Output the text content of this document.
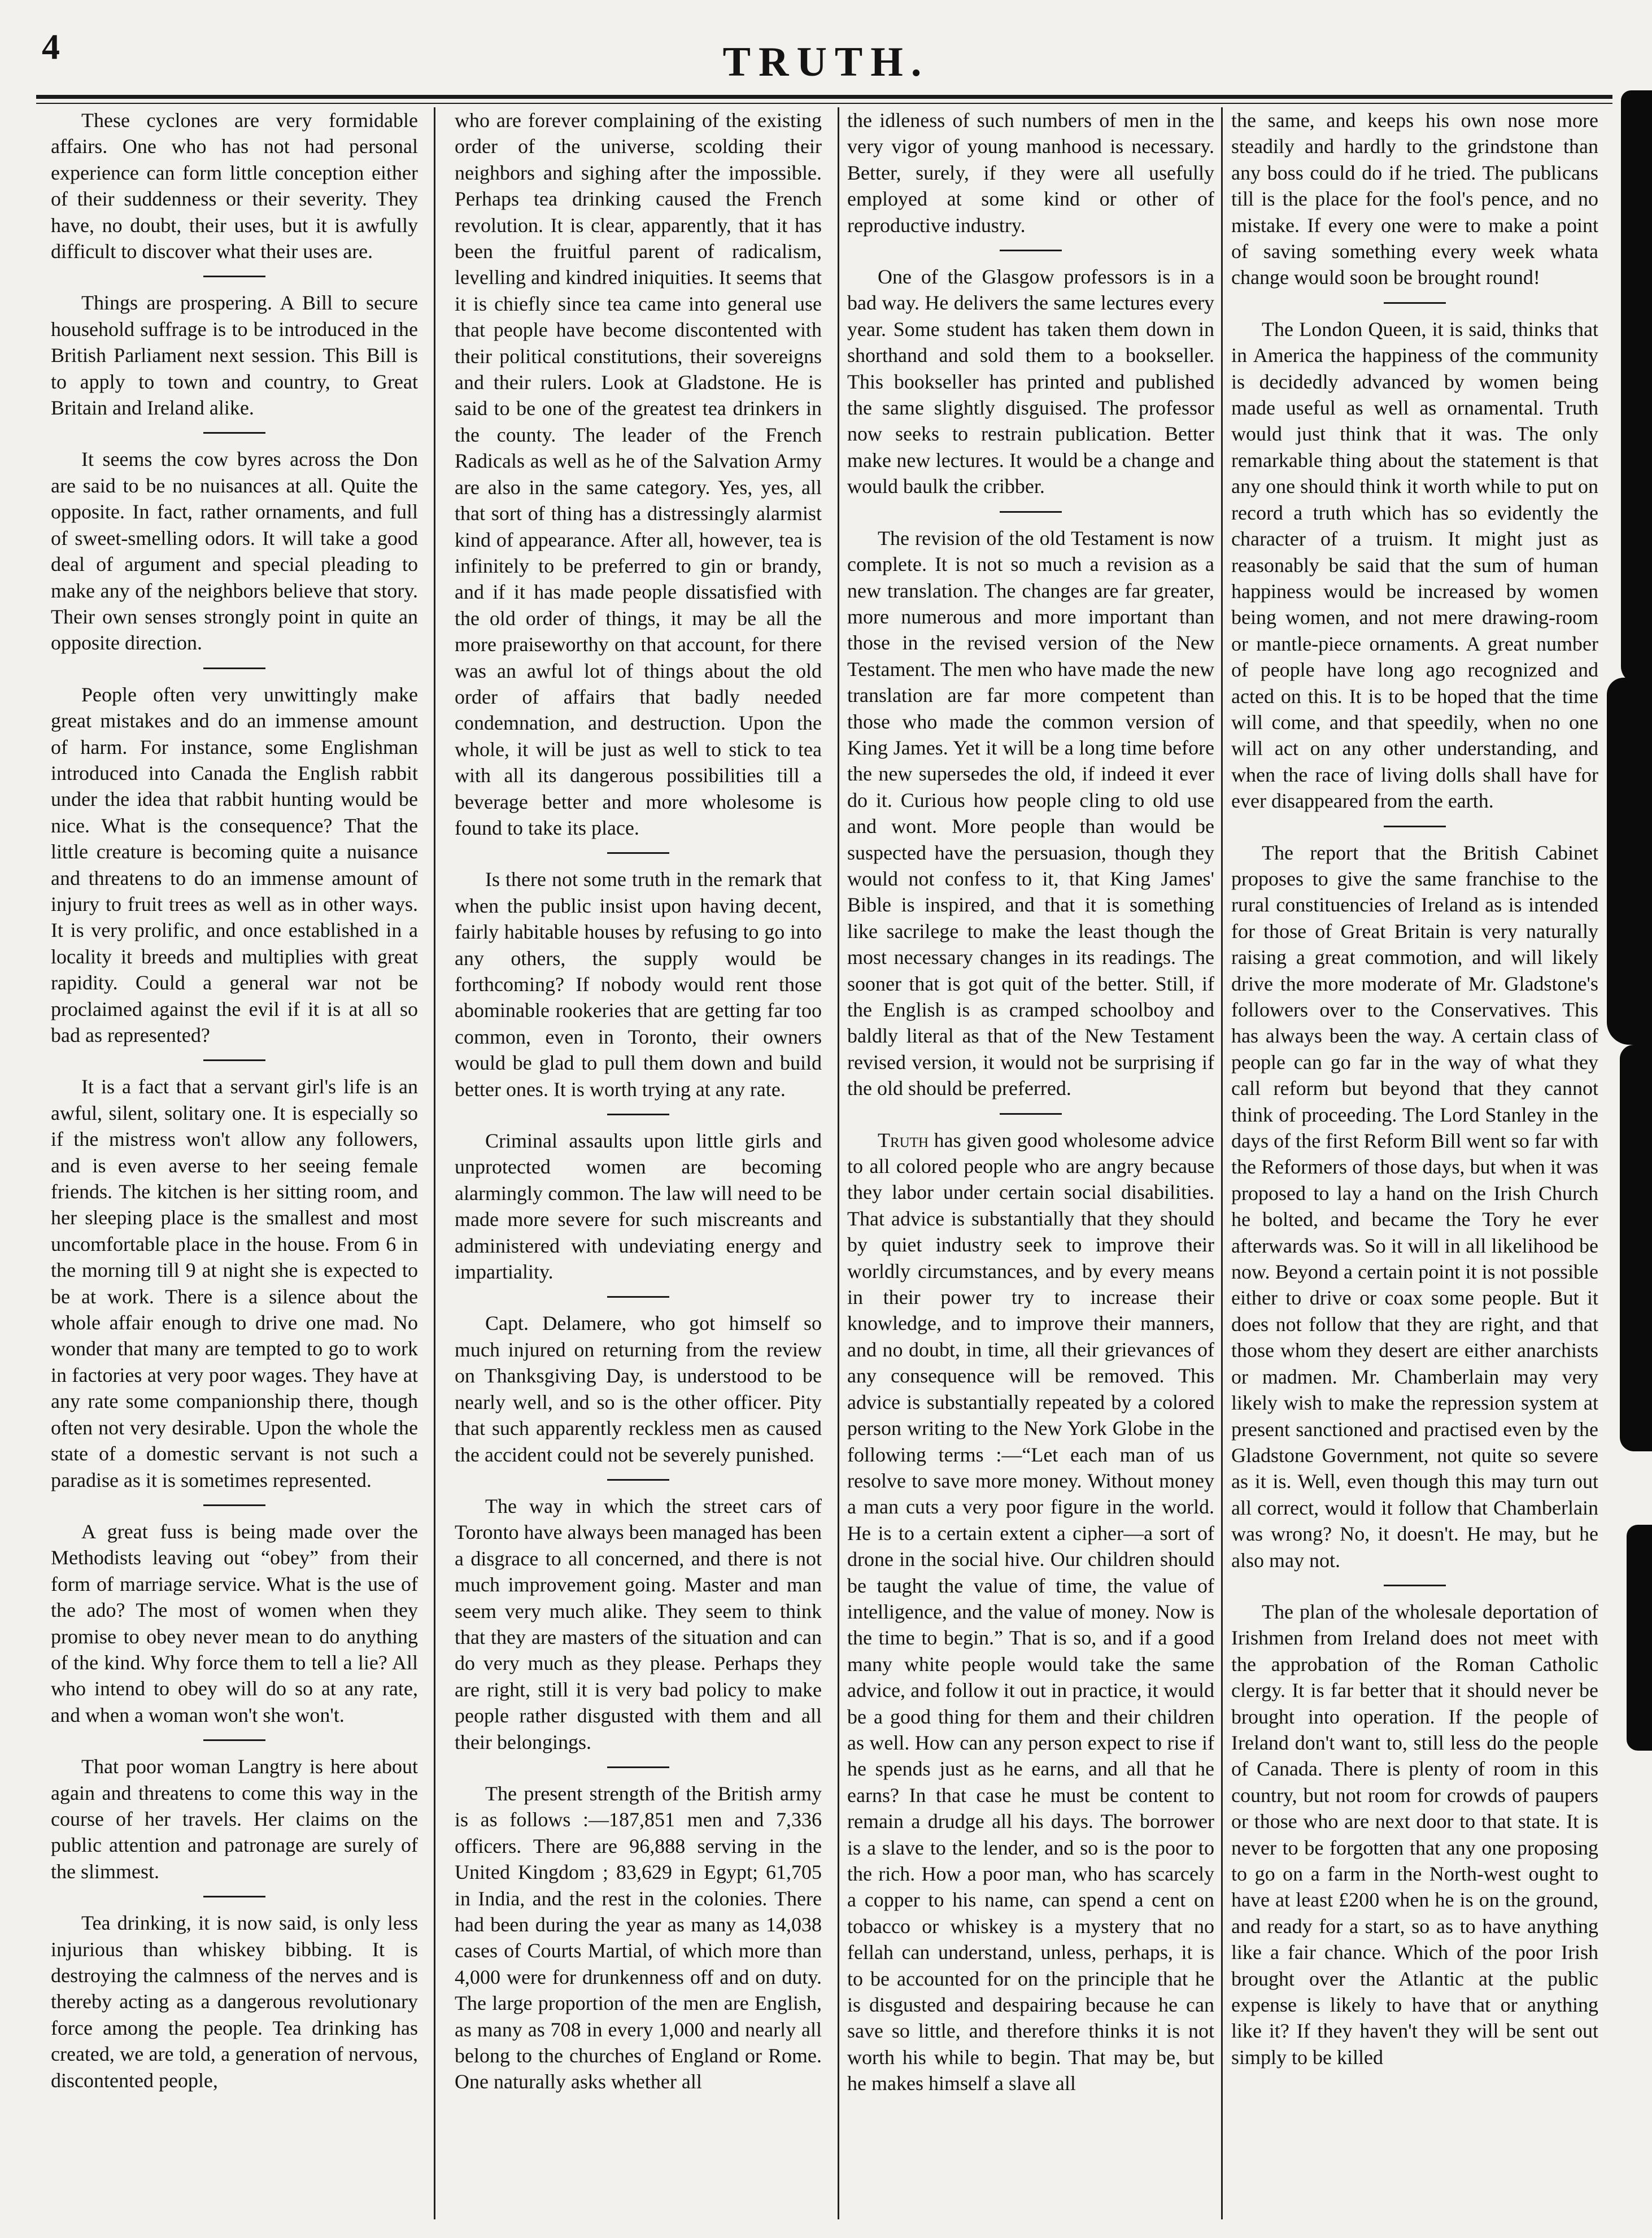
4	TRUTH.

These cyclones are very formidable affairs. One who has not had personal experience can form little conception either of their suddenness or their severity. They have, no doubt, their uses, but it is awfully difficult to discover what their uses are.

Things are prospering. A Bill to secure household suffrage is to be introduced in the British Parliament next session. This Bill is to apply to town and country, to Great Britain and Ireland alike.

It seems the cow byres across the Don are said to be no nuisances at all. Quite the opposite. In fact, rather ornaments, and full of sweet-smelling odors. It will take a good deal of argument and special pleading to make any of the neighbors believe that story. Their own senses strongly point in quite an opposite direction.

People often very unwittingly make great mistakes and do an immense amount of harm. For instance, some Englishman introduced into Canada the English rabbit under the idea that rabbit hunting would be nice. What is the consequence? That the little creature is becoming quite a nuisance and threatens to do an immense amount of injury to fruit trees as well as in other ways. It is very prolific, and once established in a locality it breeds and multiplies with great rapidity. Could a general war not be proclaimed against the evil if it is at all so bad as represented?

It is a fact that a servant girl's life is an awful, silent, solitary one. It is especially so if the mistress won't allow any followers, and is even averse to her seeing female friends. The kitchen is her sitting room, and her sleeping place is the smallest and most uncomfortable place in the house. From 6 in the morning till 9 at night she is expected to be at work. There is a silence about the whole affair enough to drive one mad. No wonder that many are tempted to go to work in factories at very poor wages. They have at any rate some companionship there, though often not very desirable. Upon the whole the state of a domestic servant is not such a paradise as it is sometimes represented.

A great fuss is being made over the Methodists leaving out “obey” from their form of marriage service. What is the use of the ado? The most of women when they promise to obey never mean to do anything of the kind. Why force them to tell a lie? All who intend to obey will do so at any rate, and when a woman won't she won't.

That poor woman Langtry is here about again and threatens to come this way in the course of her travels. Her claims on the public attention and patronage are surely of the slimmest.

Tea drinking, it is now said, is only less injurious than whiskey bibbing. It is destroying the calmness of the nerves and is thereby acting as a dangerous revolutionary force among the people. Tea drinking has created, we are told, a generation of nervous, discontented people,

who are forever complaining of the existing order of the universe, scolding their neighbors and sighing after the impossible. Perhaps tea drinking caused the French revolution. It is clear, apparently, that it has been the fruitful parent of radicalism, levelling and kindred iniquities. It seems that it is chiefly since tea came into general use that people have become discontented with their political constitutions, their sovereigns and their rulers. Look at Gladstone. He is said to be one of the greatest tea drinkers in the county. The leader of the French Radicals as well as he of the Salvation Army are also in the same category. Yes, yes, all that sort of thing has a distressingly alarmist kind of appearance. After all, however, tea is infinitely to be preferred to gin or brandy, and if it has made people dissatisfied with the old order of things, it may be all the more praiseworthy on that account, for there was an awful lot of things about the old order of affairs that badly needed condemnation, and destruction. Upon the whole, it will be just as well to stick to tea with all its dangerous possibilities till a beverage better and more wholesome is found to take its place.

Is there not some truth in the remark that when the public insist upon having decent, fairly habitable houses by refusing to go into any others, the supply would be forthcoming? If nobody would rent those abominable rookeries that are getting far too common, even in Toronto, their owners would be glad to pull them down and build better ones. It is worth trying at any rate.

Criminal assaults upon little girls and unprotected women are becoming alarmingly common. The law will need to be made more severe for such miscreants and administered with undeviating energy and impartiality.

Capt. Delamere, who got himself so much injured on returning from the review on Thanksgiving Day, is understood to be nearly well, and so is the other officer. Pity that such apparently reckless men as caused the accident could not be severely punished.

The way in which the street cars of Toronto have always been managed has been a disgrace to all concerned, and there is not much improvement going. Master and man seem very much alike. They seem to think that they are masters of the situation and can do very much as they please. Perhaps they are right, still it is very bad policy to make people rather disgusted with them and all their belongings.

The present strength of the British army is as follows :—187,851 men and 7,336 officers. There are 96,888 serving in the United Kingdom ; 83,629 in Egypt; 61,705 in India, and the rest in the colonies. There had been during the year as many as 14,038 cases of Courts Martial, of which more than 4,000 were for drunkenness off and on duty. The large proportion of the men are English, as many as 708 in every 1,000 and nearly all belong to the churches of England or Rome. One naturally asks whether all

the idleness of such numbers of men in the very vigor of young manhood is necessary. Better, surely, if they were all usefully employed at some kind or other of reproductive industry.

One of the Glasgow professors is in a bad way. He delivers the same lectures every year. Some student has taken them down in shorthand and sold them to a bookseller. This bookseller has printed and published the same slightly disguised. The professor now seeks to restrain publication. Better make new lectures. It would be a change and would baulk the cribber.

The revision of the old Testament is now complete. It is not so much a revision as a new translation. The changes are far greater, more numerous and more important than those in the revised version of the New Testament. The men who have made the new translation are far more competent than those who made the common version of King James. Yet it will be a long time before the new supersedes the old, if indeed it ever do it. Curious how people cling to old use and wont. More people than would be suspected have the persuasion, though they would not confess to it, that King James' Bible is inspired, and that it is something like sacrilege to make the least though the most necessary changes in its readings. The sooner that is got quit of the better. Still, if the English is as cramped schoolboy and baldly literal as that of the New Testament revised version, it would not be surprising if the old should be preferred.

Truth has given good wholesome advice to all colored people who are angry because they labor under certain social disabilities. That advice is substantially that they should by quiet industry seek to improve their worldly circumstances, and by every means in their power try to increase their knowledge, and to improve their manners, and no doubt, in time, all their grievances of any consequence will be removed. This advice is substantially repeated by a colored person writing to the New York Globe in the following terms :—“Let each man of us resolve to save more money. Without money a man cuts a very poor figure in the world. He is to a certain extent a cipher—a sort of drone in the social hive. Our children should be taught the value of time, the value of intelligence, and the value of money. Now is the time to begin.” That is so, and if a good many white people would take the same advice, and follow it out in practice, it would be a good thing for them and their children as well. How can any person expect to rise if he spends just as he earns, and all that he earns? In that case he must be content to remain a drudge all his days. The borrower is a slave to the lender, and so is the poor to the rich. How a poor man, who has scarcely a copper to his name, can spend a cent on tobacco or whiskey is a mystery that no fellah can understand, unless, perhaps, it is to be accounted for on the principle that he is disgusted and despairing because he can save so little, and therefore thinks it is not worth his while to begin. That may be, but he makes himself a slave all

the same, and keeps his own nose more steadily and hardly to the grindstone than any boss could do if he tried. The publicans till is the place for the fool's pence, and no mistake. If every one were to make a point of saving something every week whata change would soon be brought round!

The London Queen, it is said, thinks that in America the happiness of the community is decidedly advanced by women being made useful as well as ornamental. Truth would just think that it was. The only remarkable thing about the statement is that any one should think it worth while to put on record a truth which has so evidently the character of a truism. It might just as reasonably be said that the sum of human happiness would be increased by women being women, and not mere drawing-room or mantle-piece ornaments. A great number of people have long ago recognized and acted on this. It is to be hoped that the time will come, and that speedily, when no one will act on any other understanding, and when the race of living dolls shall have for ever disappeared from the earth.

The report that the British Cabinet proposes to give the same franchise to the rural constituencies of Ireland as is intended for those of Great Britain is very naturally raising a great commotion, and will likely drive the more moderate of Mr. Gladstone's followers over to the Conservatives. This has always been the way. A certain class of people can go far in the way of what they call reform but beyond that they cannot think of proceeding. The Lord Stanley in the days of the first Reform Bill went so far with the Reformers of those days, but when it was proposed to lay a hand on the Irish Church he bolted, and became the Tory he ever afterwards was. So it will in all likelihood be now. Beyond a certain point it is not possible either to drive or coax some people. But it does not follow that they are right, and that those whom they desert are either anarchists or madmen. Mr. Chamberlain may very likely wish to make the repression system at present sanctioned and practised even by the Gladstone Government, not quite so severe as it is. Well, even though this may turn out all correct, would it follow that Chamberlain was wrong? No, it doesn't. He may, but he also may not.

The plan of the wholesale deportation of Irishmen from Ireland does not meet with the approbation of the Roman Catholic clergy. It is far better that it should never be brought into operation. If the people of Ireland don't want to, still less do the people of Canada. There is plenty of room in this country, but not room for crowds of paupers or those who are next door to that state. It is never to be forgotten that any one proposing to go on a farm in the North-west ought to have at least £200 when he is on the ground, and ready for a start, so as to have anything like a fair chance. Which of the poor Irish brought over the Atlantic at the public expense is likely to have that or anything like it? If they haven't they will be sent out simply to be killed
